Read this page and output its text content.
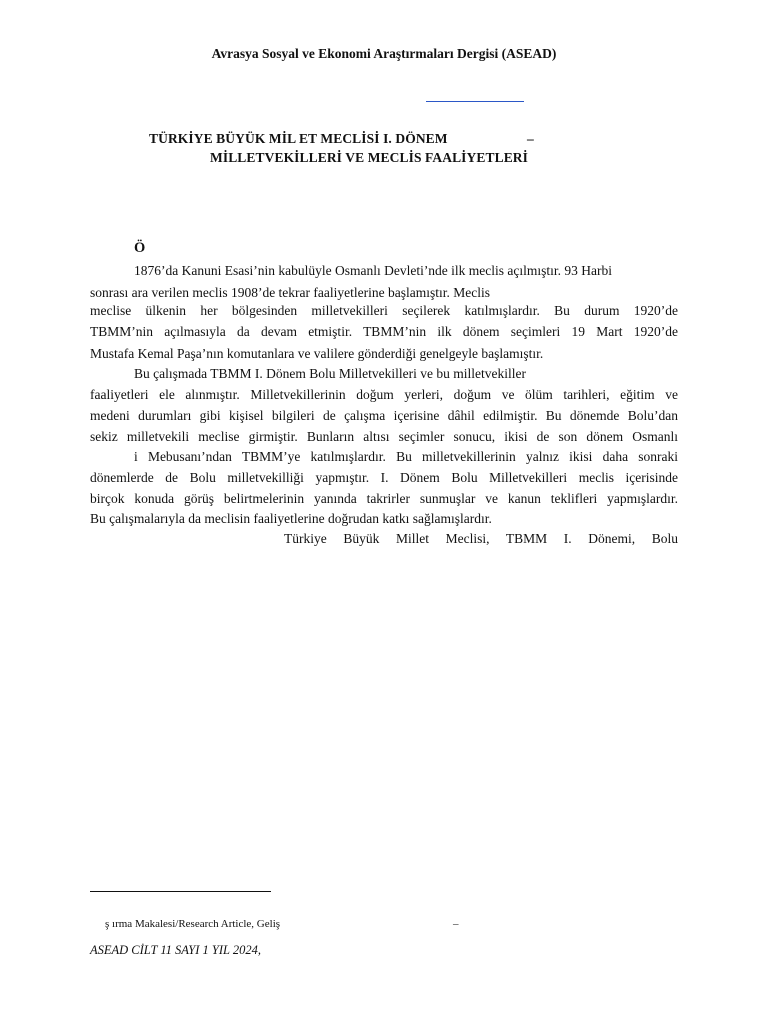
Avrasya Sosyal ve Ekonomi Araştırmaları Dergisi (ASEAD)
TÜRKİYE BÜYÜK MİL ET MECLİSİ I. DÖNEM	–
MİLLETVEKİLLERİ VE MECLİS FAALİYETLERİ
Ö
1876’da Kanuni Esasi’nin kabulüyle Osmanlı Devleti’nde ilk meclis açılmıştır. 93 Harbi
sonrası ara verilen meclis 1908’de tekrar faaliyetlerine başlamıştır. Meclis
meclise ülkenin her bölgesinden milletvekilleri seçilerek katılmışlardır. Bu durum 1920’de
TBMM’nin açılmasıyla da devam etmiştir. TBMM’nin ilk dönem seçimleri 19 Mart 1920’de
Mustafa Kemal Paşa’nın komutanlara ve valilere gönderdiği genelgeyle başlamıştır.
Bu çalışmada TBMM I. Dönem Bolu Milletvekilleri ve bu milletvekiller
faaliyetleri ele alınmıştır. Milletvekillerinin doğum yerleri, doğum ve ölüm tarihleri, eğitim ve
medeni durumları gibi kişisel bilgileri de çalışma içerisine dâhil edilmiştir. Bu dönemde Bolu’dan
sekiz milletvekili meclise girmiştir. Bunların altısı seçimler sonucu, ikisi de son dönem Osmanlı
i Mebusanı’ndan TBMM’ye katılmışlardır. Bu milletvekillerinin yalnız ikisi daha sonraki
dönemlerde de Bolu milletvekilliği yapmıştır. I. Dönem Bolu Milletvekilleri meclis içerisinde
birçok konuda görüş belirtmelerinin yanında takrirler sunmuşlar ve kanun teklifleri yapmışlardır.
Bu çalışmalarıyla da meclisin faaliyetlerine doğrudan katkı sağlamışlardır.
Türkiye Büyük Millet Meclisi, TBMM I. Dönemi, Bolu
ş ırma Makalesi/Research Article, Geliş	–
ASEAD CİLT 11 SAYI 1 YIL 2024,
